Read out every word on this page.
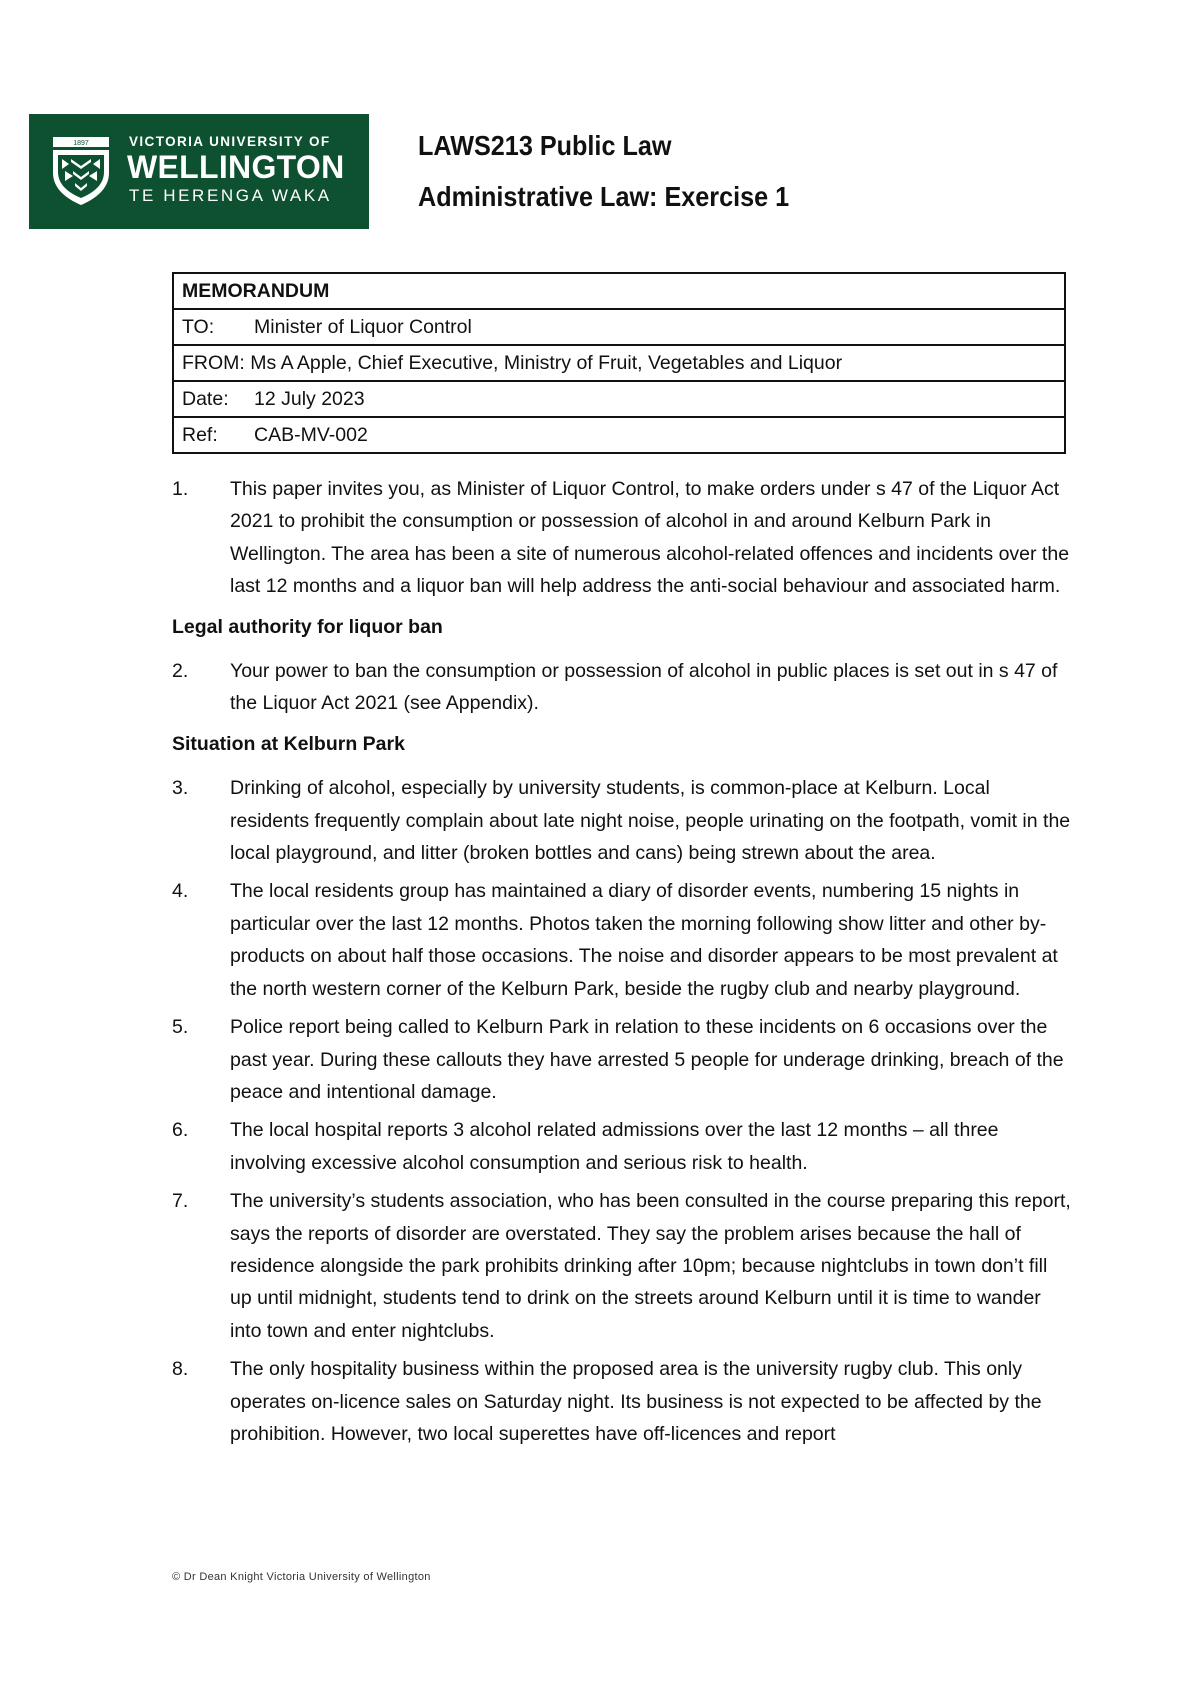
1897	VICTORIA UNIVERSITY OF
WELLINGTON
TE HERENGA WAKA
LAWS213 Public Law
Administrative Law: Exercise 1
MEMORANDUM
TO: Minister of Liquor Control
FROM: Ms A Apple, Chief Executive, Ministry of Fruit, Vegetables and Liquor
Date: 12 July 2023
Ref: CAB-MV-002
1.	This paper invites you, as Minister of Liquor Control, to make orders under s 47 of the Liquor Act 2021 to prohibit the consumption or possession of alcohol in and around Kelburn Park in Wellington. The area has been a site of numerous alcohol-related offences and incidents over the last 12 months and a liquor ban will help address the anti-social behaviour and associated harm.
Legal authority for liquor ban
2.	Your power to ban the consumption or possession of alcohol in public places is set out in s 47 of the Liquor Act 2021 (see Appendix).
Situation at Kelburn Park
3.	Drinking of alcohol, especially by university students, is common-place at Kelburn. Local residents frequently complain about late night noise, people urinating on the footpath, vomit in the local playground, and litter (broken bottles and cans) being strewn about the area.
4.	The local residents group has maintained a diary of disorder events, numbering 15 nights in particular over the last 12 months. Photos taken the morning following show litter and other by-products on about half those occasions. The noise and disorder appears to be most prevalent at the north western corner of the Kelburn Park, beside the rugby club and nearby playground.
5.	Police report being called to Kelburn Park in relation to these incidents on 6 occasions over the past year. During these callouts they have arrested 5 people for underage drinking, breach of the peace and intentional damage.
6.	The local hospital reports 3 alcohol related admissions over the last 12 months – all three involving excessive alcohol consumption and serious risk to health.
7.	The university’s students association, who has been consulted in the course preparing this report, says the reports of disorder are overstated. They say the problem arises because the hall of residence alongside the park prohibits drinking after 10pm; because nightclubs in town don’t fill up until midnight, students tend to drink on the streets around Kelburn until it is time to wander into town and enter nightclubs.
8.	The only hospitality business within the proposed area is the university rugby club. This only operates on-licence sales on Saturday night. Its business is not expected to be affected by the prohibition. However, two local superettes have off-licences and report
© Dr Dean Knight Victoria University of Wellington
